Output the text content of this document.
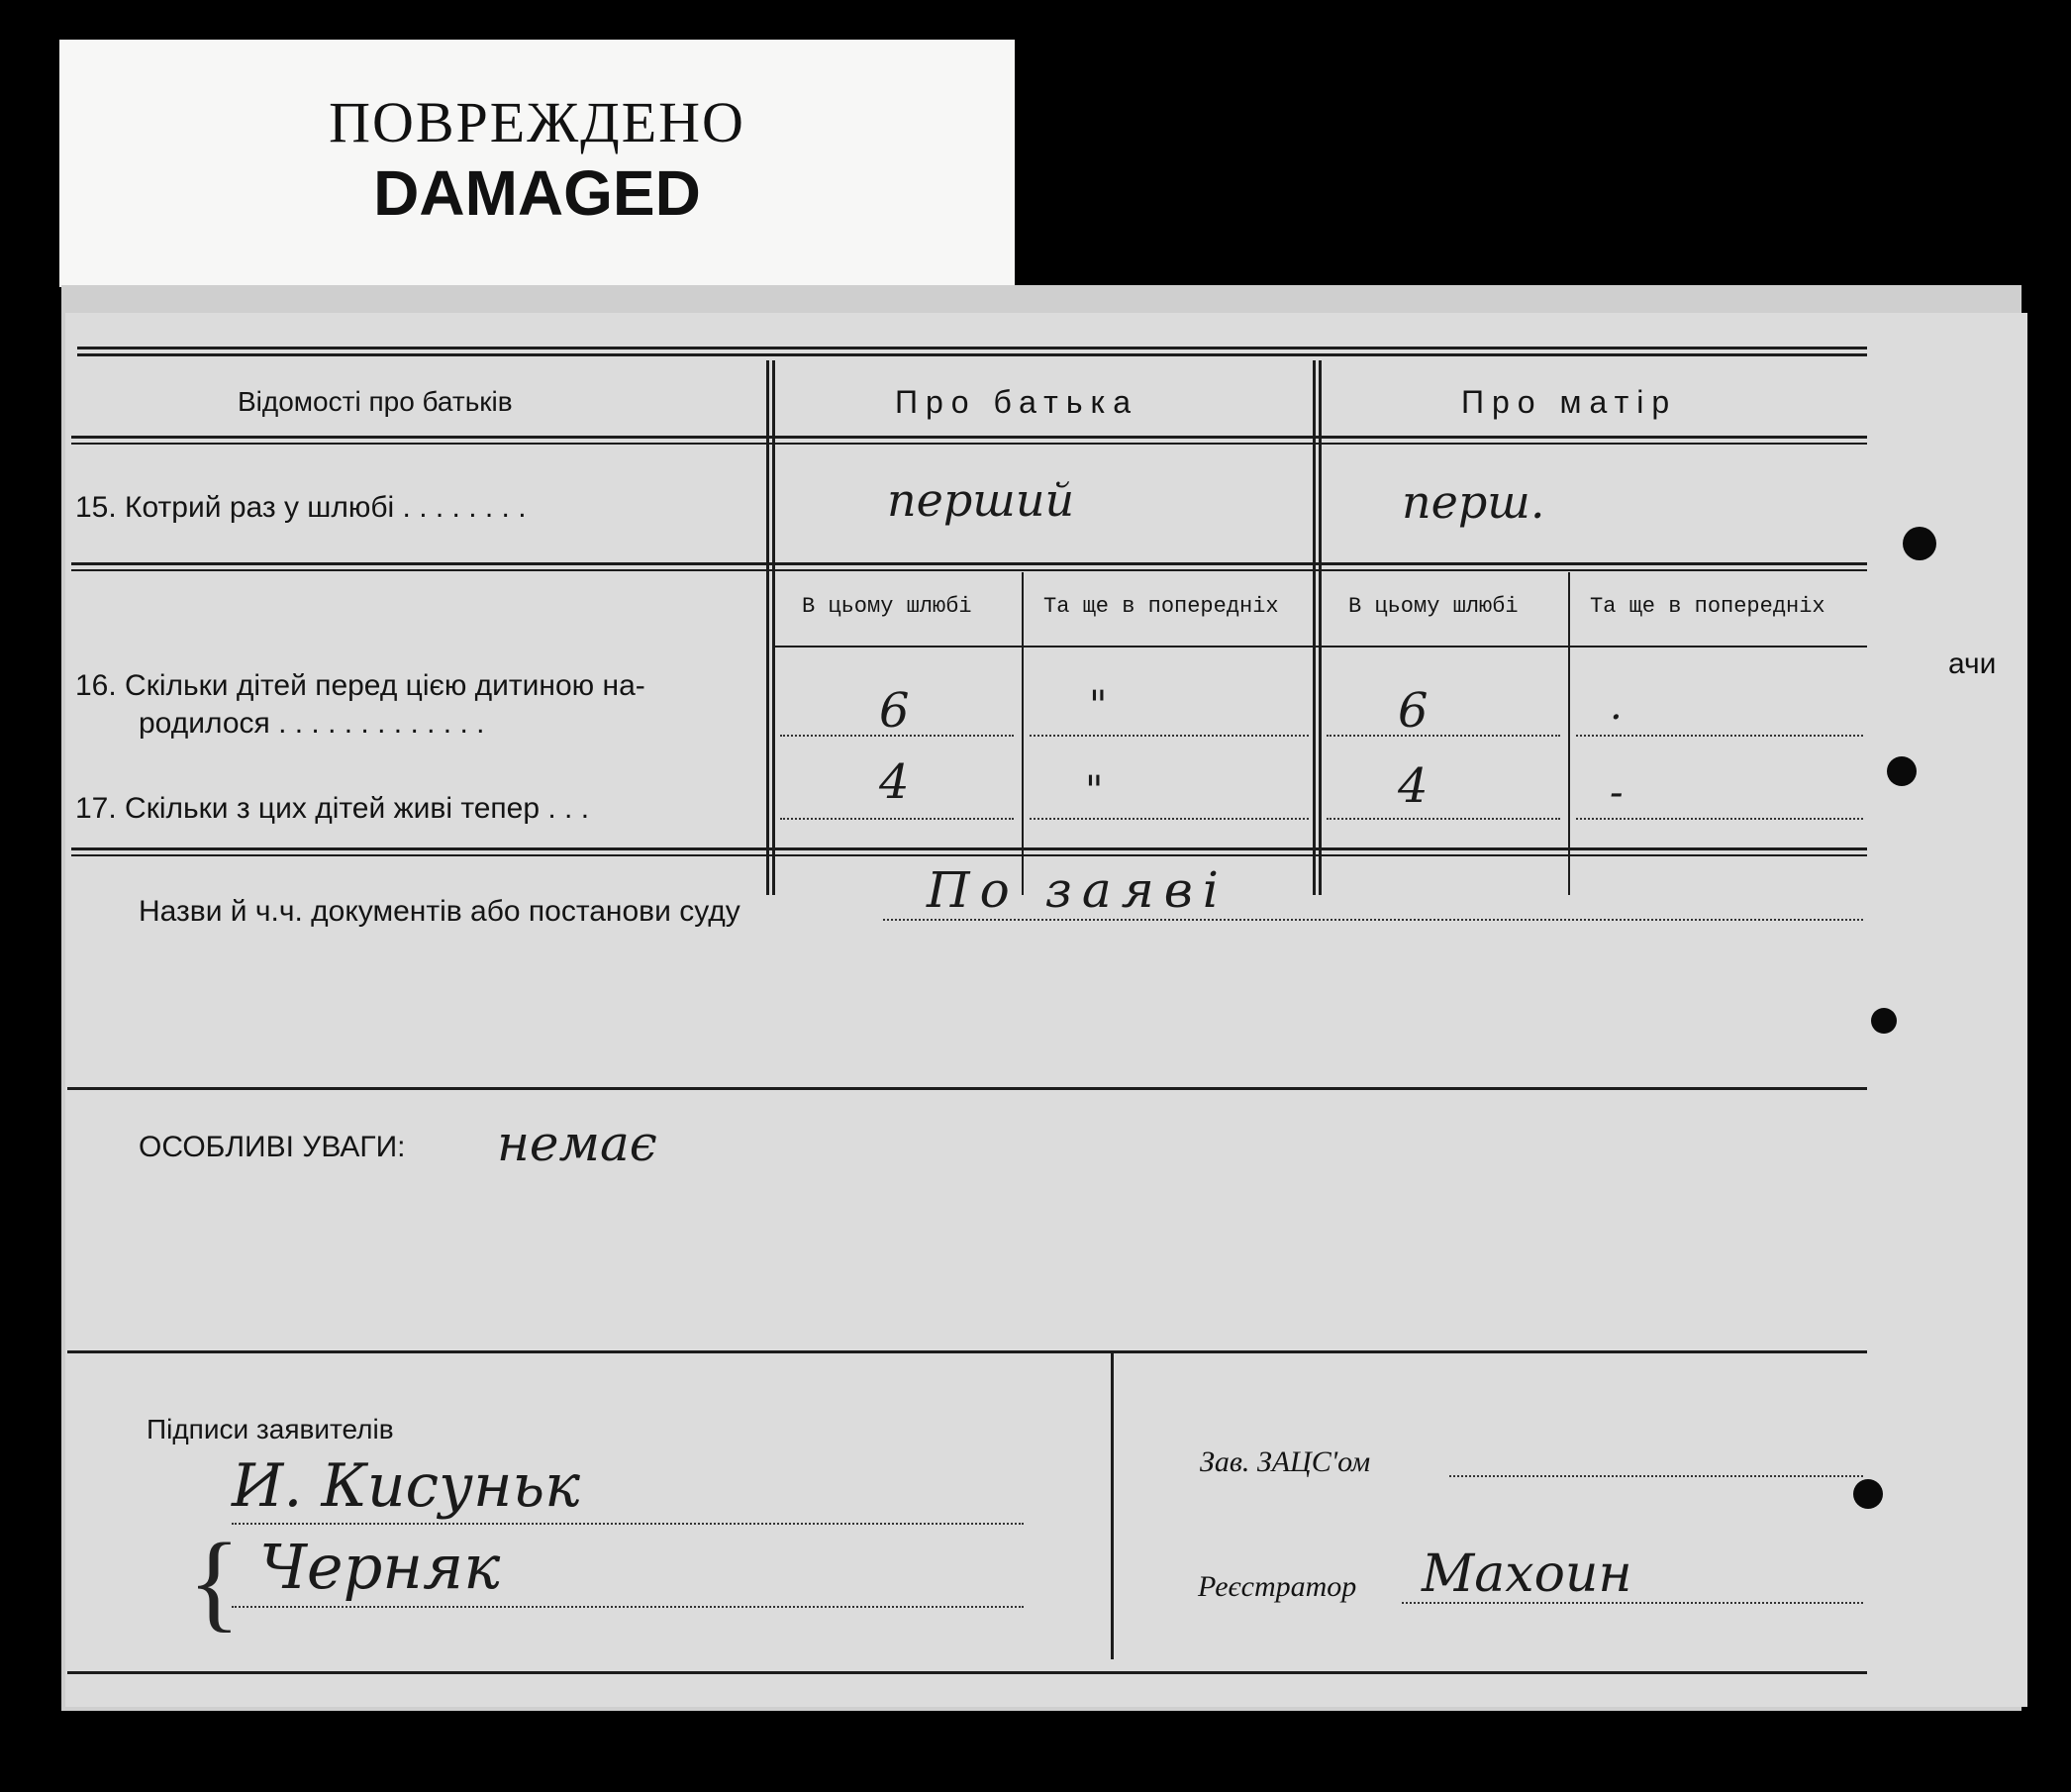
ПОВРЕЖДЕНО
DAMAGED
Відомості про батьків	Про батька	Про матір
15. Котрий раз у шлюбі . . . . . . . .	перший	перш.
В цьому шлюбі	Та ще в попередніх	В цьому шлюбі	Та ще в попередніх
16. Скільки дітей перед цією дитиною на-
родилося . . . . . . . . . . . . .	6	"	6	.
17. Скільки з цих дітей живі тепер . . .	4	"	4	-
Назви й ч.ч. документів або постанови суду	По заяві
ОСОБЛИВІ УВАГИ: немає
Підписи заявителів
И. Кисуньк
Черняк
{
Зав. ЗАЦС'ом
Реєстратор Махоин
ачи
